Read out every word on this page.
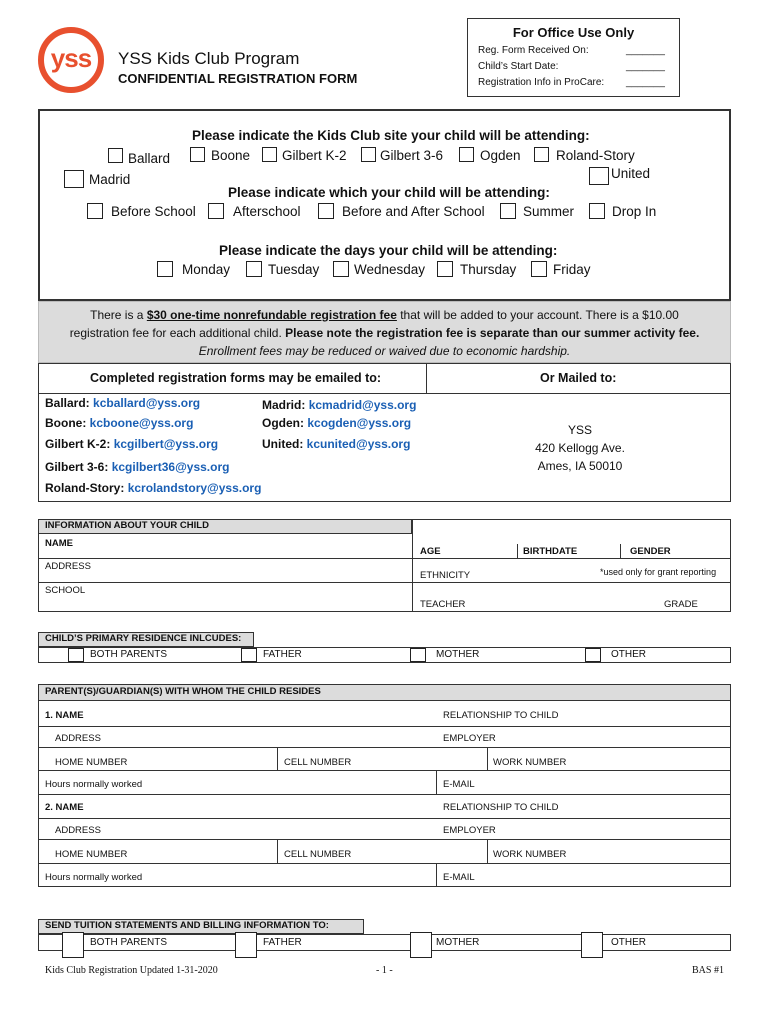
yss YSS Kids Club Program
CONFIDENTIAL REGISTRATION FORM
For Office Use Only
Reg. Form Received On:	_______
Child’s Start Date:	_______
Registration Info in ProCare: _______
Please indicate the Kids Club site your child will be attending:
Ballard	Boone Gilbert K-2 Gilbert 3-6	Ogden	Roland-Story
United
Madrid
Please indicate which your child will be attending:
Before School	Afterschool	Before and After School	Summer	Drop In
Please indicate the days your child will be attending:
Monday	Tuesday	Wednesday	Thursday	Friday
There is a $30 one-time nonrefundable registration fee that will be added to your account. There is a $10.00
registration fee for each additional child. Please note the registration fee is separate than our summer activity fee.
Enrollment fees may be reduced or waived due to economic hardship.
Completed registration forms may be emailed to:	Or Mailed to:
Ballard: kcballard@yss.org
Boone: kcboone@yss.org
Gilbert K-2: kcgilbert@yss.org
Gilbert 3-6: kcgilbert36@yss.org
Roland-Story: kcrolandstory@yss.org
Madrid: kcmadrid@yss.org
Ogden: kcogden@yss.org
United: kcunited@yss.org
YSS
420 Kellogg Ave.
Ames, IA 50010
INFORMATION ABOUT YOUR CHILD
NAME
AGE	BIRTHDATE	GENDER
ADDRESS
ETHNICITY	*used only for grant reporting
SCHOOL
TEACHER	GRADE
CHILD’S PRIMARY RESIDENCE INLCUDES:
BOTH PARENTS	FATHER	MOTHER	OTHER
PARENT(S)/GUARDIAN(S) WITH WHOM THE CHILD RESIDES
1. NAME	RELATIONSHIP TO CHILD
ADDRESS	EMPLOYER
HOME NUMBER	CELL NUMBER	WORK NUMBER
Hours normally worked	E-MAIL
2. NAME	RELATIONSHIP TO CHILD
ADDRESS	EMPLOYER
HOME NUMBER	CELL NUMBER	WORK NUMBER
Hours normally worked	E-MAIL
SEND TUITION STATEMENTS AND BILLING INFORMATION TO:
BOTH PARENTS	FATHER	MOTHER	OTHER
Kids Club Registration Updated 1-31-2020	- 1 -	BAS #1
